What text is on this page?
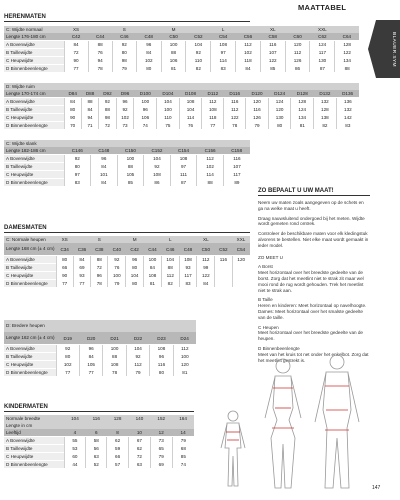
MAATTABEL
BLAUER.SYM
HERENMATEN
C: Wijdte normaal	XS		S		M		L		XL		XXL	
Lengte 176-180 cm	C42	C44	C46	C48	C50	C52	C54	C56	C58	C60	C62	C64
A Bovenwijdte	84	88	92	96	100	104	108	112	116	120	124	128
B Taillewijdte	72	76	80	84	88	92	97	102	107	112	117	122
C Heupwijdte	90	94	98	102	106	110	114	118	122	126	130	134
D Binnenbeenlengte	77	78	79	80	81	82	83	84	85	86	87	88
D: Wijdte ruim														
Lengte 170-174 cm	D84	D88	D92	D96	D100	D104	D108	D112	D116	D120	D124	D128	D132	D136
A Bovenwijdte	84	88	92	96	100	104	108	112	116	120	124	128	132	136
B Taillewijdte	80	84	88	92	96	100	104	108	112	116	120	124	128	132
C Heupwijdte	90	94	98	102	106	110	114	118	122	126	130	134	138	142
D Binnenbeenlengte	70	71	72	73	74	75	76	77	78	79	80	81	82	83
C: Wijdte slank							
Lengte 182-186 cm	C146	C148	C150	C152	C154	C156	C158
A Bovenwijdte	92	96	100	104	108	112	116
B Taillewijdte	80	84	88	92	97	102	107
C Heupwijdte	97	101	105	108	111	114	117
D Binnenbeenlengte	83	84	85	86	87	88	89
DAMESMATEN
C: Normale heupen	XS		S		M		L		XL		XXL
Lengte 168 cm (± 4 cm)	C34	C36	C38	C40	C42	C44	C46	C48	C50	C52	C54
A Bovenwijdte	80	84	88	92	96	100	104	108	112	116	120
B Taillewijdte	66	69	72	76	80	84	88	93	99		
C Heupwijdte	90	93	96	100	104	108	112	117	122		
D Binnenbeenlengte	77	77	78	79	80	81	82	83	84		
D: Bredere heupen						
Lengte 162 cm (± 4 cm)	D19	D20	D21	D22	D23	D24
A Bovenwijdte	92	96	100	104	108	112
B Taillewijdte	80	84	88	92	96	100
C Heupwijdte	102	105	108	112	116	120
D Binnenbeenlengte	77	77	78	79	80	81
KINDERMATEN
Normale breedte	104	116	128	140	152	164
Lengte in cm						
Leeftijd	4	6	8	10	12	14
A Bovenwijdte	55	58	62	67	73	79
B Taillewijdte	53	56	59	62	65	68
C Heupwijdte	60	63	66	72	79	85
D Binnenbeenlengte	44	52	57	63	69	74
ZO BEPAALT U UW MAAT!

Neem uw maten zoals aangegeven op de schets en ga na welke maat u heeft.

Draag nauwsluitend ondergoed bij het meten. Wijdte wordt gemeten rond omtrek.

Controleer de beschikbare maten voor elk kledingstuk alvorens te bestellen. Niet elke maat wordt gemaakt in ieder model.

ZO MEET U

A Borst

Meet horizontaal over het breedste gedeelte van de borst. Zorg dat het meetlint niet te strak zit maar wel mooi rond de rug wordt gehouden. Trek het meetlint niet te strak aan.

B Taille
Heren en kinderen: Meet horizontaal op navelhoogte.

Dames: Meet horizontaal over het smalste gedeelte van de taille.

C Heupen

Meet horizontaal over het breedste gedeelte van de heupen.

D Binnenbeenlengte

Meet van het kruis tot net onder het enkelbot. Zorg dat het meetlint gestrekt is.

147
